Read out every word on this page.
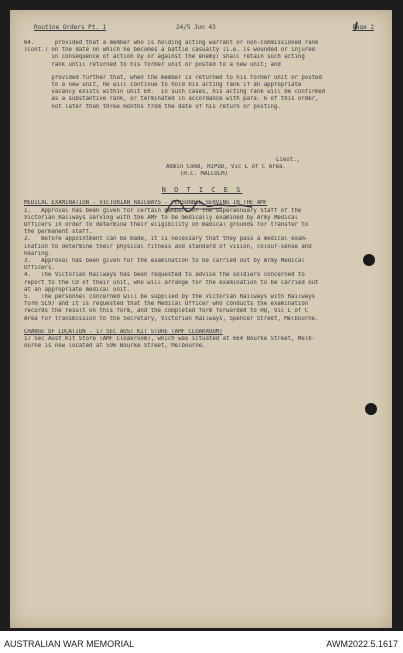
Routine Orders Pt. 1	24/5 Jun 43	Page 2

64.      provided that a member who is holding acting warrant or non-commissioned rank

(Cont.) on the date on which he becomes a battle casualty (i.e. is wounded or injured

in consequence of action by or against the enemy) shall retain such acting

rank until returned to his former unit or posted to a new unit; and

provided further that, when the member is returned to his former unit or posted

to a new unit, he will continue to hold his acting rank if an appropriate

vacancy exists within unit ER.  In such cases, his acting rank will be confirmed

as a substantive rank, or terminated in accordance with para. 6 of this order,

not later than three months from the date of his return or posting.

Lieut.,

Admin Comd, HIPOD, Vic L of C Area.

(H.C. MALCOLM)

N O T I C E S

MEDICAL EXAMINATION - VICTORIAN RAILWAYS - PERSONNEL SERVING IN THE AMF

1.   Approval has been given for certain members of the superannuary Staff of the

Victorian Railways serving with the AMF to be medically examined by Army Medical

Officers in order to determine their eligibility on medical grounds for transfer to

the permanent staff.

2.   Before appointment can be made, it is necessary that they pass a medical exam-

ination to determine their physical fitness and standard of vision, colour-sense and

hearing.

3.   Approval has been given for the examination to be carried out by Army Medical

Officers.

4.   The Victorian Railways has been requested to advise the soldiers concerned to

report to the CO of their unit, who will arrange for the examination to be carried out

at an appropriate medical unit.

5.   The personnel concerned will be supplied by the Victorian Railways with Railways

form SL97 and it is requested that the Medical Officer who conducts the examination

records the result on this form, and the completed form forwarded to HQ, Vic L of C

Area for transmission to the Secretary, Victorian Railways, Spencer Street, Melbourne.

CHANGE OF LOCATION - 17 SEC AUST KIT STORE (AMF CLOAKROOM)

17 Sec Aust Kit Store (AMF Cloakroom), which was situated at 664 Bourke Street, Melb-

ourne is now located at 596 Bourke Street, Melbourne.

AUSTRALIAN WAR MEMORIAL	AWM2022.5.1617
